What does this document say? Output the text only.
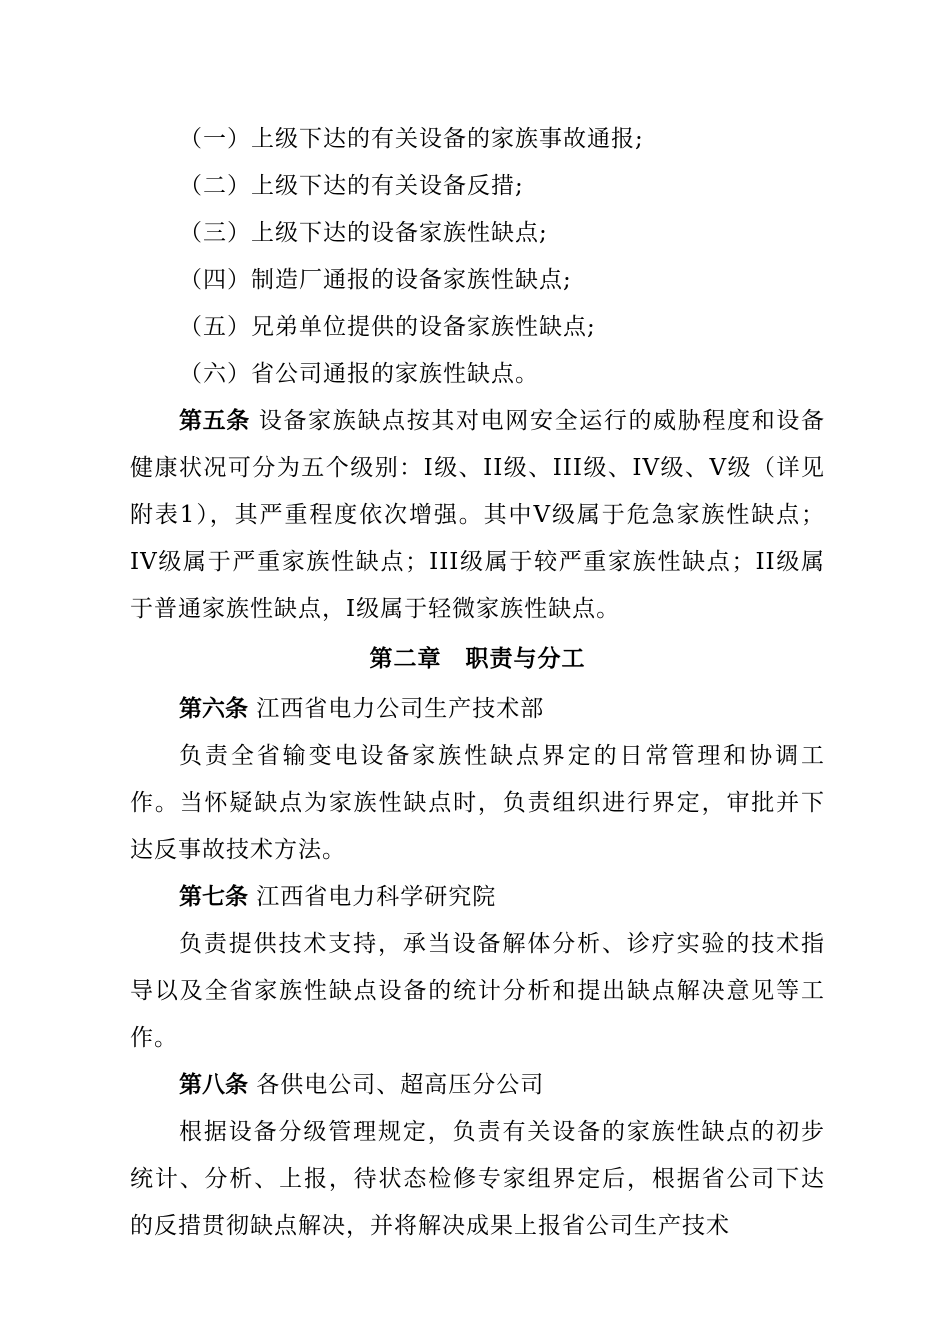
（一）上级下达的有关设备的家族事故通报;
（二）上级下达的有关设备反措;
（三）上级下达的设备家族性缺点;
（四）制造厂通报的设备家族性缺点;
（五）兄弟单位提供的设备家族性缺点;
（六）省公司通报的家族性缺点。

第五条 设备家族缺点按其对电网安全运行的威胁程度和设备健康状况可分为五个级别：I级、II级、III级、IV级、V级（详见附表1），其严重程度依次增强。其中V级属于危急家族性缺点；IV级属于严重家族性缺点；III级属于较严重家族性缺点；II级属于普通家族性缺点，I级属于轻微家族性缺点。

第二章　职责与分工
第六条 江西省电力公司生产技术部

负责全省输变电设备家族性缺点界定的日常管理和协调工作。当怀疑缺点为家族性缺点时，负责组织进行界定，审批并下达反事故技术方法。

第七条 江西省电力科学研究院

负责提供技术支持，承当设备解体分析、诊疗实验的技术指导以及全省家族性缺点设备的统计分析和提出缺点解决意见等工作。

第八条 各供电公司、超高压分公司

根据设备分级管理规定，负责有关设备的家族性缺点的初步统计、分析、上报，待状态检修专家组界定后，根据省公司下达的反措贯彻缺点解决，并将解决成果上报省公司生产技术
